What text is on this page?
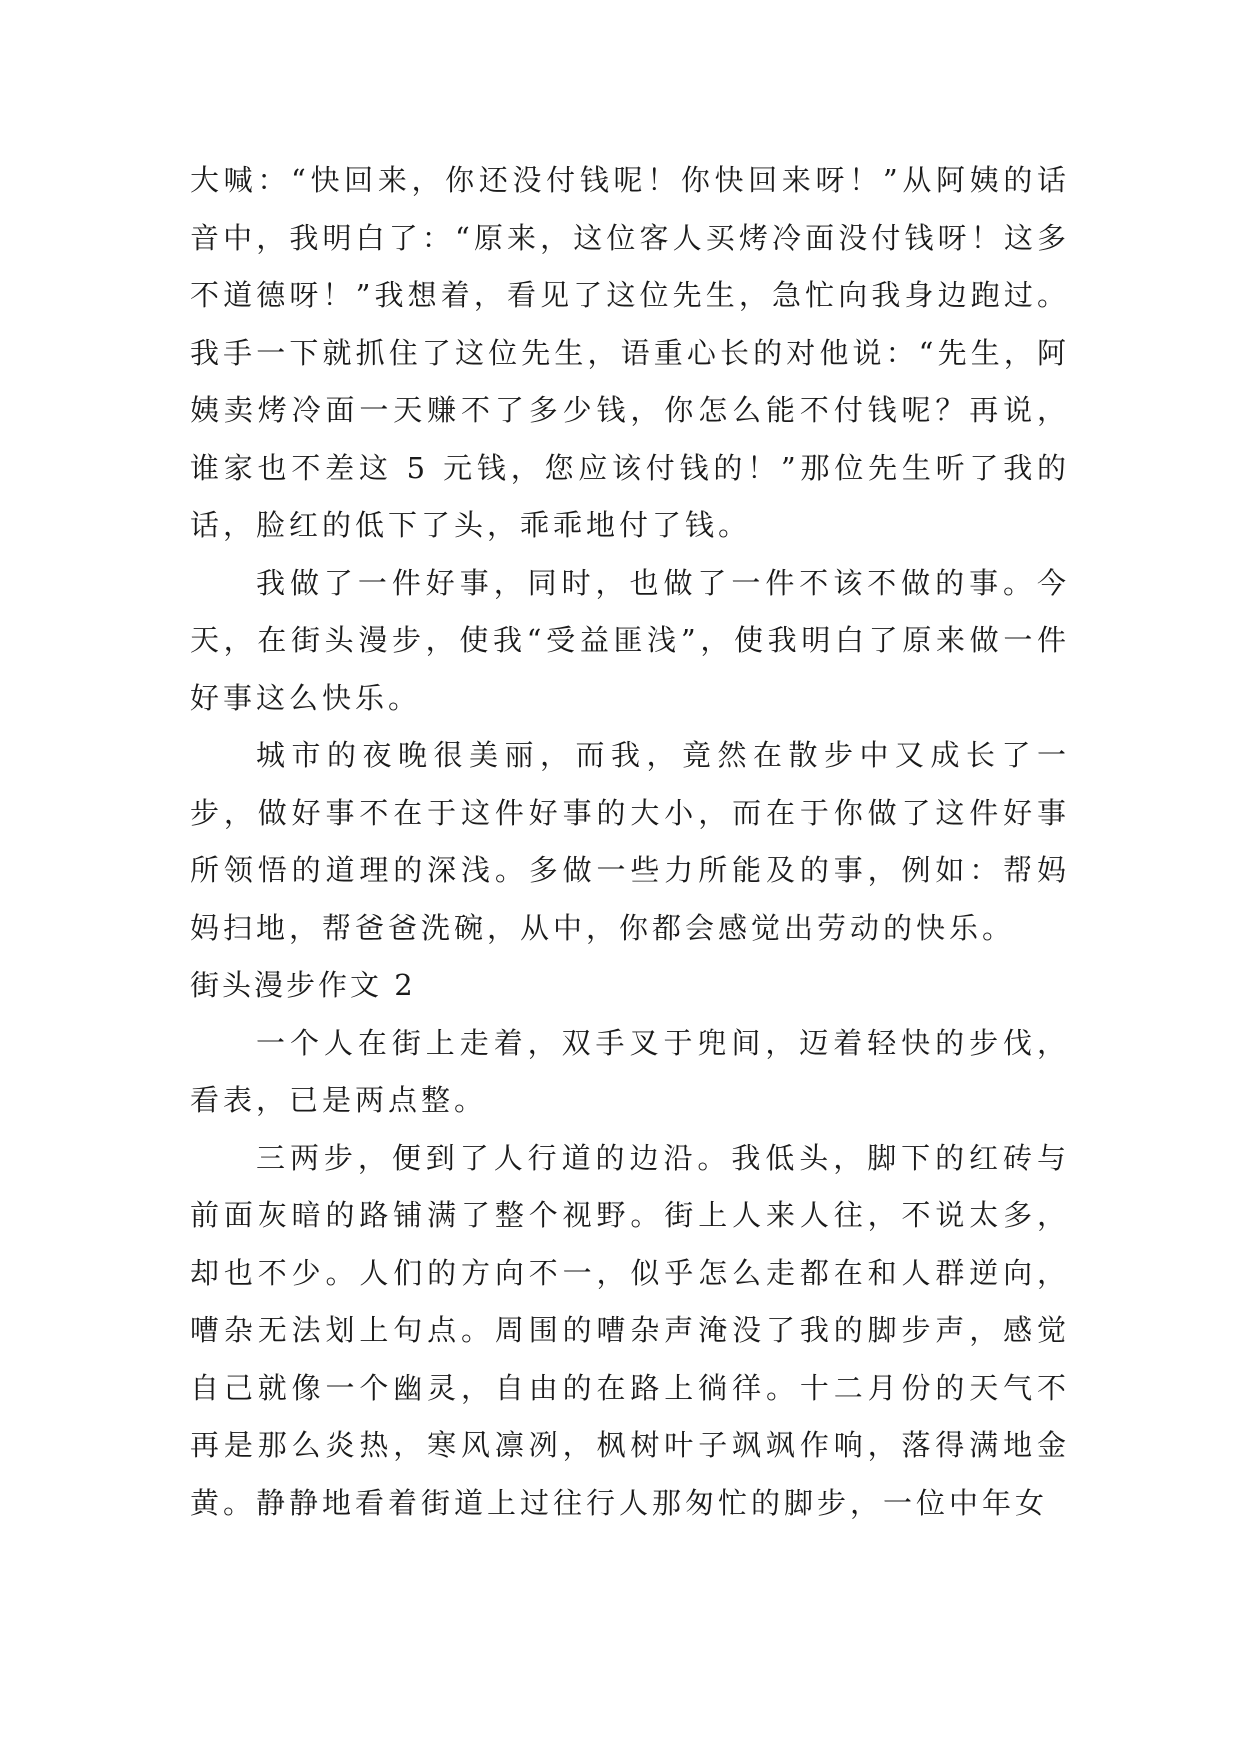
大喊：“快回来，你还没付钱呢！你快回来呀！”从阿姨的话音中，我明白了：“原来，这位客人买烤冷面没付钱呀！这多不道德呀！”我想着，看见了这位先生，急忙向我身边跑过。我手一下就抓住了这位先生，语重心长的对他说：“先生，阿姨卖烤冷面一天赚不了多少钱，你怎么能不付钱呢？再说，谁家也不差这 5 元钱，您应该付钱的！”那位先生听了我的话，脸红的低下了头，乖乖地付了钱。

我做了一件好事，同时，也做了一件不该不做的事。今天，在街头漫步，使我“受益匪浅”，使我明白了原来做一件好事这么快乐。

城市的夜晚很美丽，而我，竟然在散步中又成长了一步，做好事不在于这件好事的大小，而在于你做了这件好事所领悟的道理的深浅。多做一些力所能及的事，例如：帮妈妈扫地，帮爸爸洗碗，从中，你都会感觉出劳动的快乐。

街头漫步作文 2

一个人在街上走着，双手叉于兜间，迈着轻快的步伐，看表，已是两点整。

三两步，便到了人行道的边沿。我低头，脚下的红砖与前面灰暗的路铺满了整个视野。街上人来人往，不说太多，却也不少。人们的方向不一，似乎怎么走都在和人群逆向，嘈杂无法划上句点。周围的嘈杂声淹没了我的脚步声，感觉自己就像一个幽灵，自由的在路上徜徉。十二月份的天气不再是那么炎热，寒风凛冽，枫树叶子飒飒作响，落得满地金黄。静静地看着街道上过往行人那匆忙的脚步，一位中年女
